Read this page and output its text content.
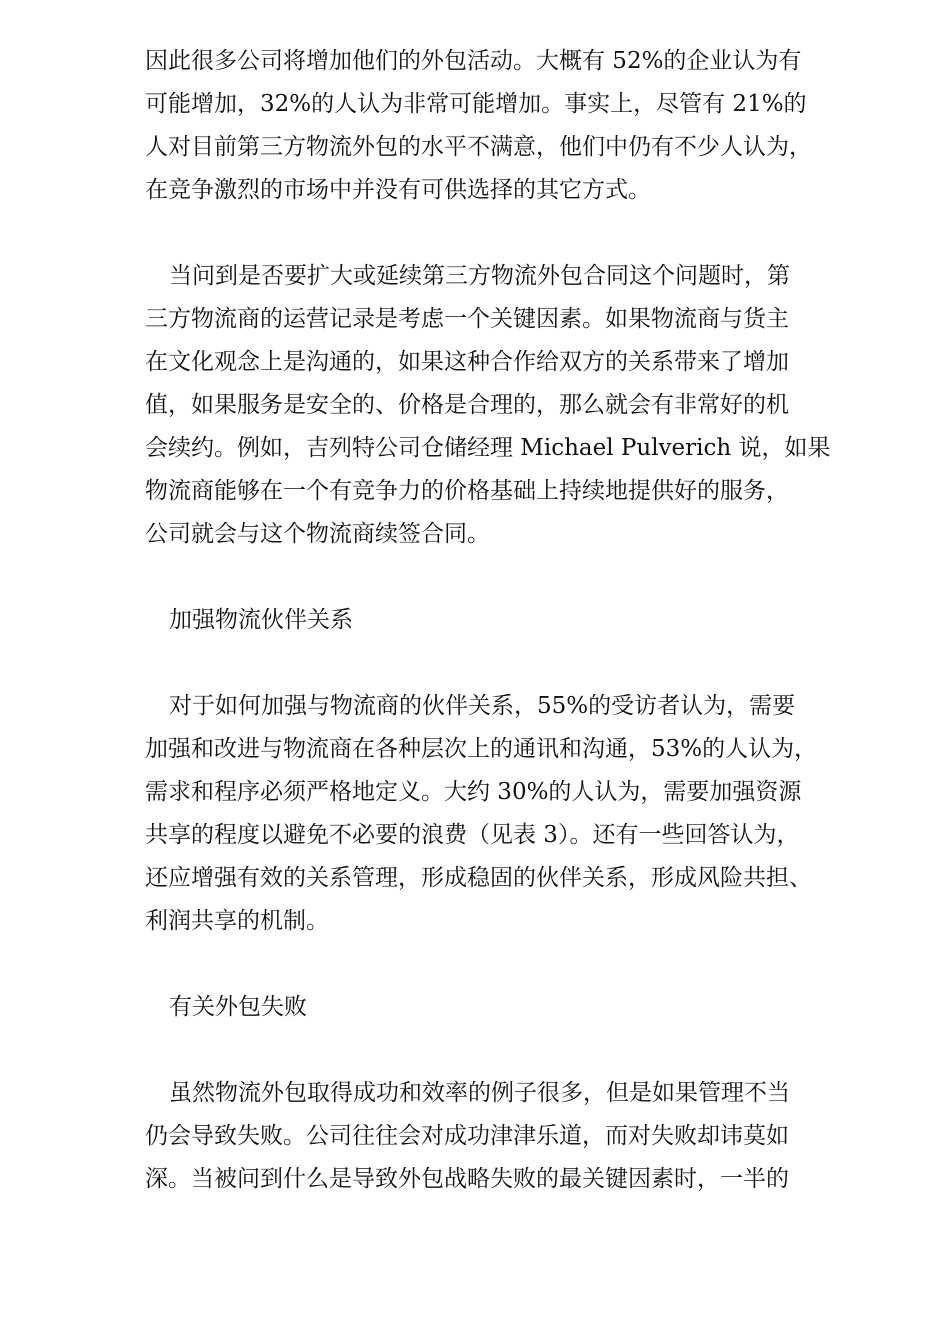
因此很多公司将增加他们的外包活动。大概有 52%的企业认为有
可能增加，32%的人认为非常可能增加。事实上，尽管有 21%的
人对目前第三方物流外包的水平不满意，他们中仍有不少人认为，
在竞争激烈的市场中并没有可供选择的其它方式。
当问到是否要扩大或延续第三方物流外包合同这个问题时，第
三方物流商的运营记录是考虑一个关键因素。如果物流商与货主
在文化观念上是沟通的，如果这种合作给双方的关系带来了增加
值，如果服务是安全的、价格是合理的，那么就会有非常好的机
会续约。例如，吉列特公司仓储经理 Michael Pulverich 说，如果
物流商能够在一个有竞争力的价格基础上持续地提供好的服务，
公司就会与这个物流商续签合同。
加强物流伙伴关系
对于如何加强与物流商的伙伴关系，55%的受访者认为，需要
加强和改进与物流商在各种层次上的通讯和沟通，53%的人认为，
需求和程序必须严格地定义。大约 30%的人认为，需要加强资源
共享的程度以避免不必要的浪费（见表 3）。还有一些回答认为，
还应增强有效的关系管理，形成稳固的伙伴关系，形成风险共担、
利润共享的机制。
有关外包失败
虽然物流外包取得成功和效率的例子很多，但是如果管理不当
仍会导致失败。公司往往会对成功津津乐道，而对失败却讳莫如
深。当被问到什么是导致外包战略失败的最关键因素时，一半的
